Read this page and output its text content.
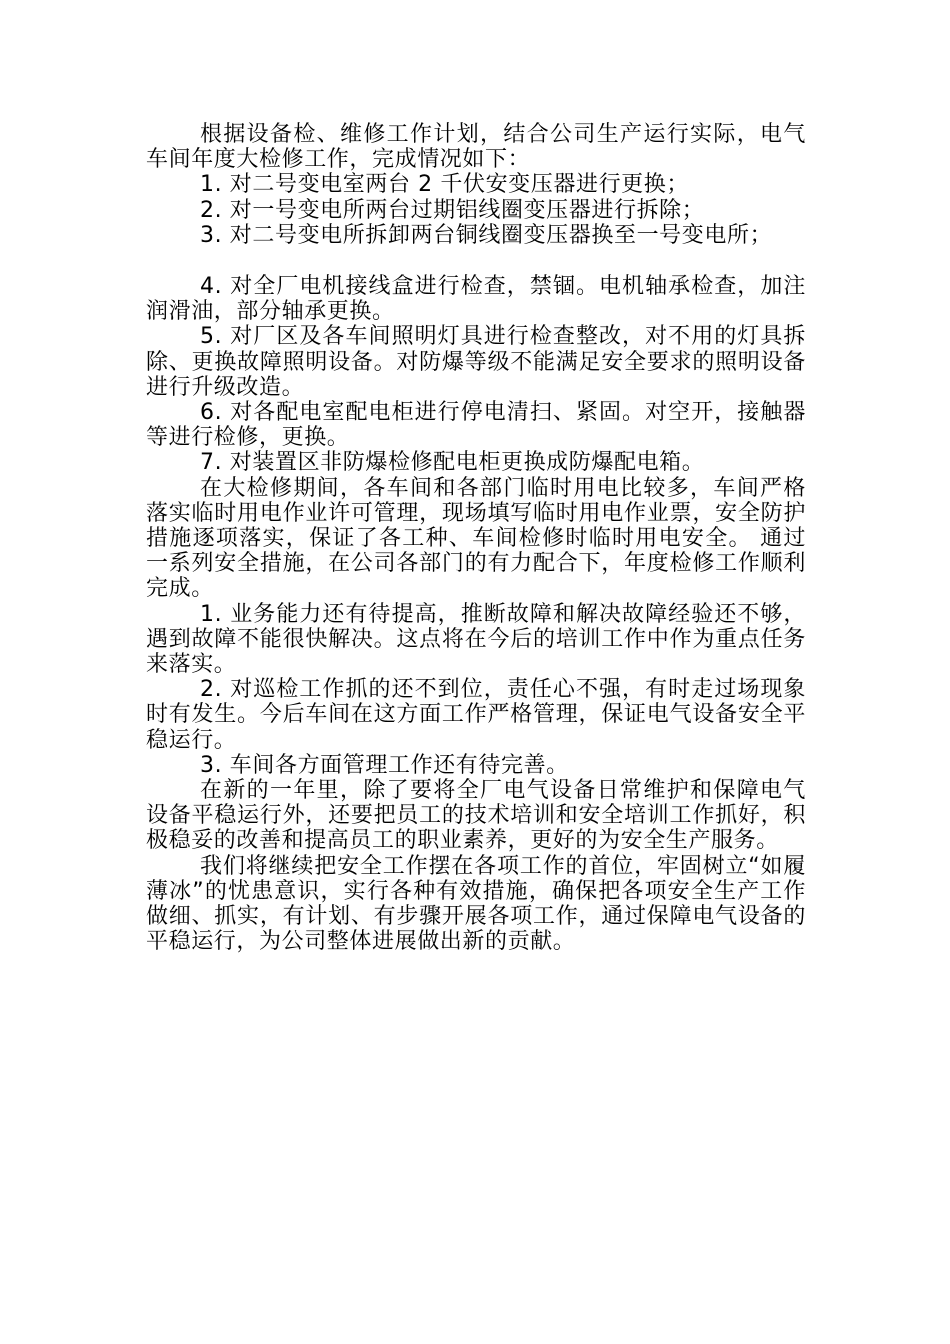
根据设备检、维修工作计划，结合公司生产运行实际，电气车间年度大检修工作，完成情况如下：

1. 对二号变电室两台 2 千伏安变压器进行更换；

2. 对一号变电所两台过期铝线圈变压器进行拆除；

3. 对二号变电所拆卸两台铜线圈变压器换至一号变电所；

4. 对全厂电机接线盒进行检查，禁锢。电机轴承检查，加注润滑油，部分轴承更换。

5. 对厂区及各车间照明灯具进行检查整改，对不用的灯具拆除、更换故障照明设备。对防爆等级不能满足安全要求的照明设备进行升级改造。

6. 对各配电室配电柜进行停电清扫、紧固。对空开，接触器等进行检修，更换。

7. 对装置区非防爆检修配电柜更换成防爆配电箱。

在大检修期间，各车间和各部门临时用电比较多，车间严格落实临时用电作业许可管理，现场填写临时用电作业票，安全防护措施逐项落实，保证了各工种、车间检修时临时用电安全。 通过一系列安全措施，在公司各部门的有力配合下，年度检修工作顺利完成。

1. 业务能力还有待提高，推断故障和解决故障经验还不够，遇到故障不能很快解决。这点将在今后的培训工作中作为重点任务来落实。

2. 对巡检工作抓的还不到位，责任心不强，有时走过场现象时有发生。今后车间在这方面工作严格管理，保证电气设备安全平稳运行。

3. 车间各方面管理工作还有待完善。

在新的一年里，除了要将全厂电气设备日常维护和保障电气设备平稳运行外，还要把员工的技术培训和安全培训工作抓好，积极稳妥的改善和提高员工的职业素养，更好的为安全生产服务。

我们将继续把安全工作摆在各项工作的首位，牢固树立“如履薄冰”的忧患意识，实行各种有效措施，确保把各项安全生产工作做细、抓实，有计划、有步骤开展各项工作，通过保障电气设备的平稳运行，为公司整体进展做出新的贡献。
